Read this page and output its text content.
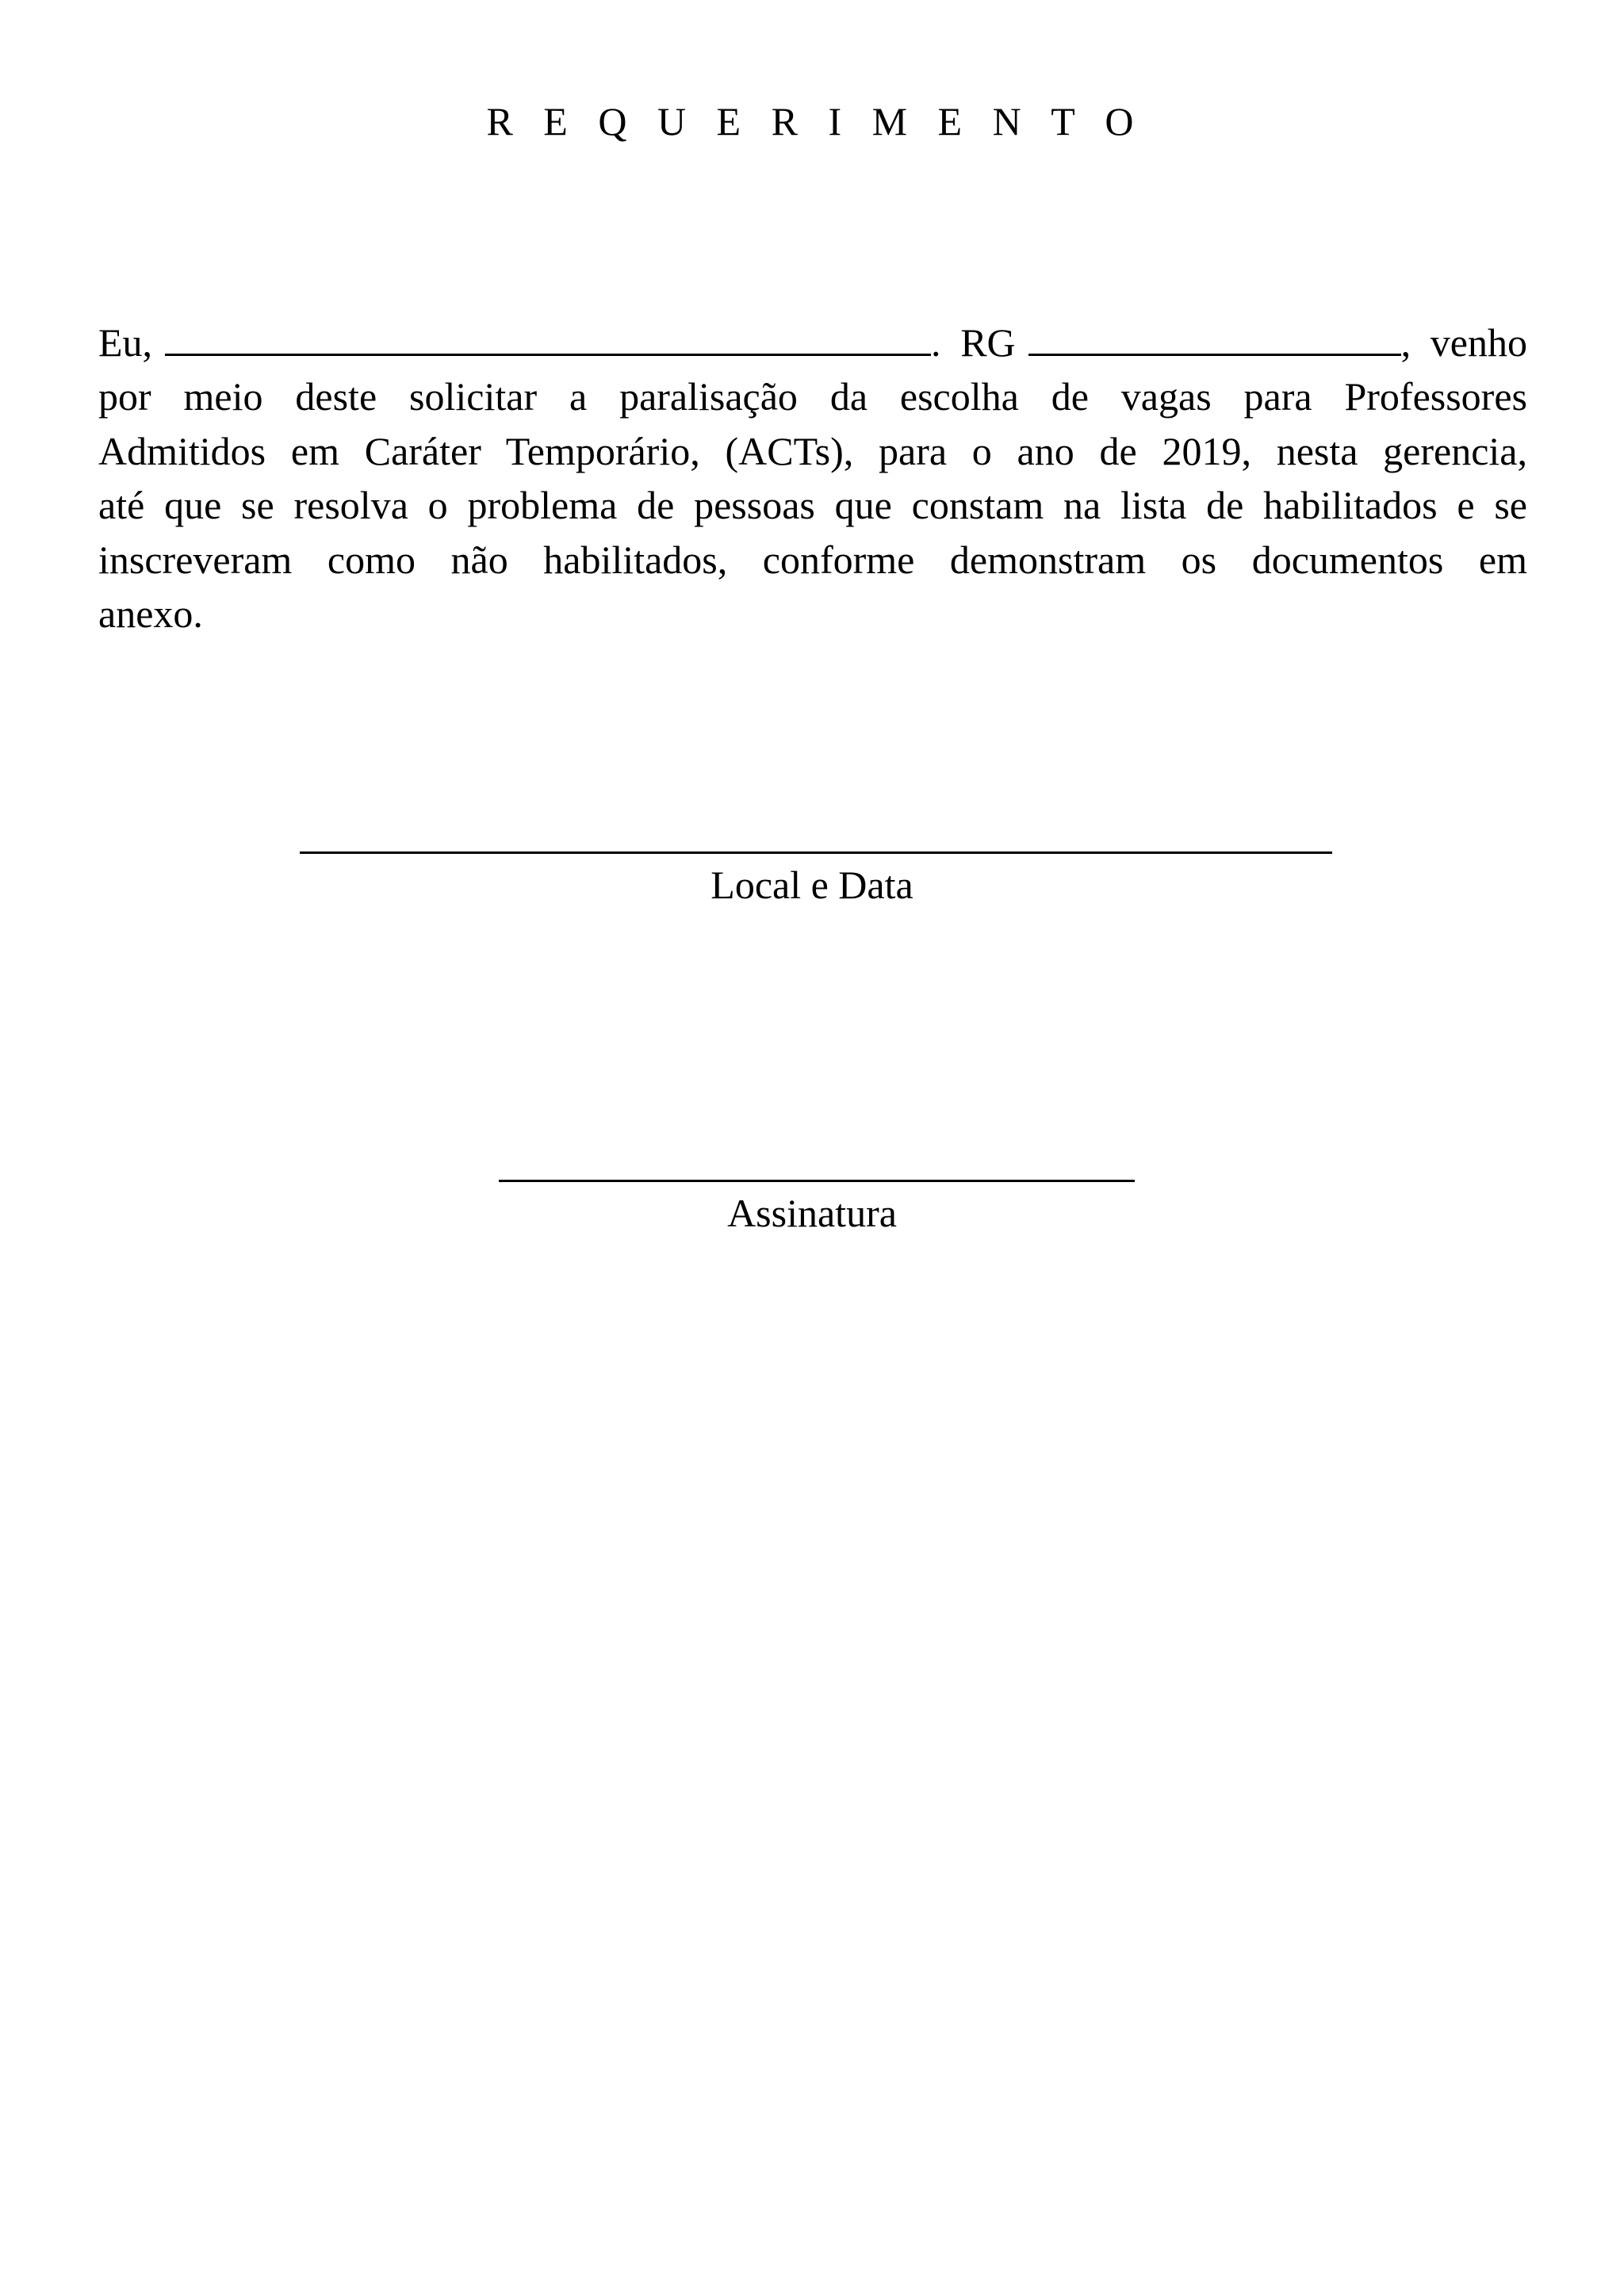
R E Q U E R I M E N T O
Eu,	. RG	, venho
por meio deste solicitar a paralisação da escolha de vagas para Professores
Admitidos em Caráter Temporário, (ACTs), para o ano de 2019, nesta gerencia,
até que se resolva o problema de pessoas que constam na lista de habilitados e se
inscreveram como não habilitados, conforme demonstram os documentos em
anexo.
Local e Data
Assinatura
